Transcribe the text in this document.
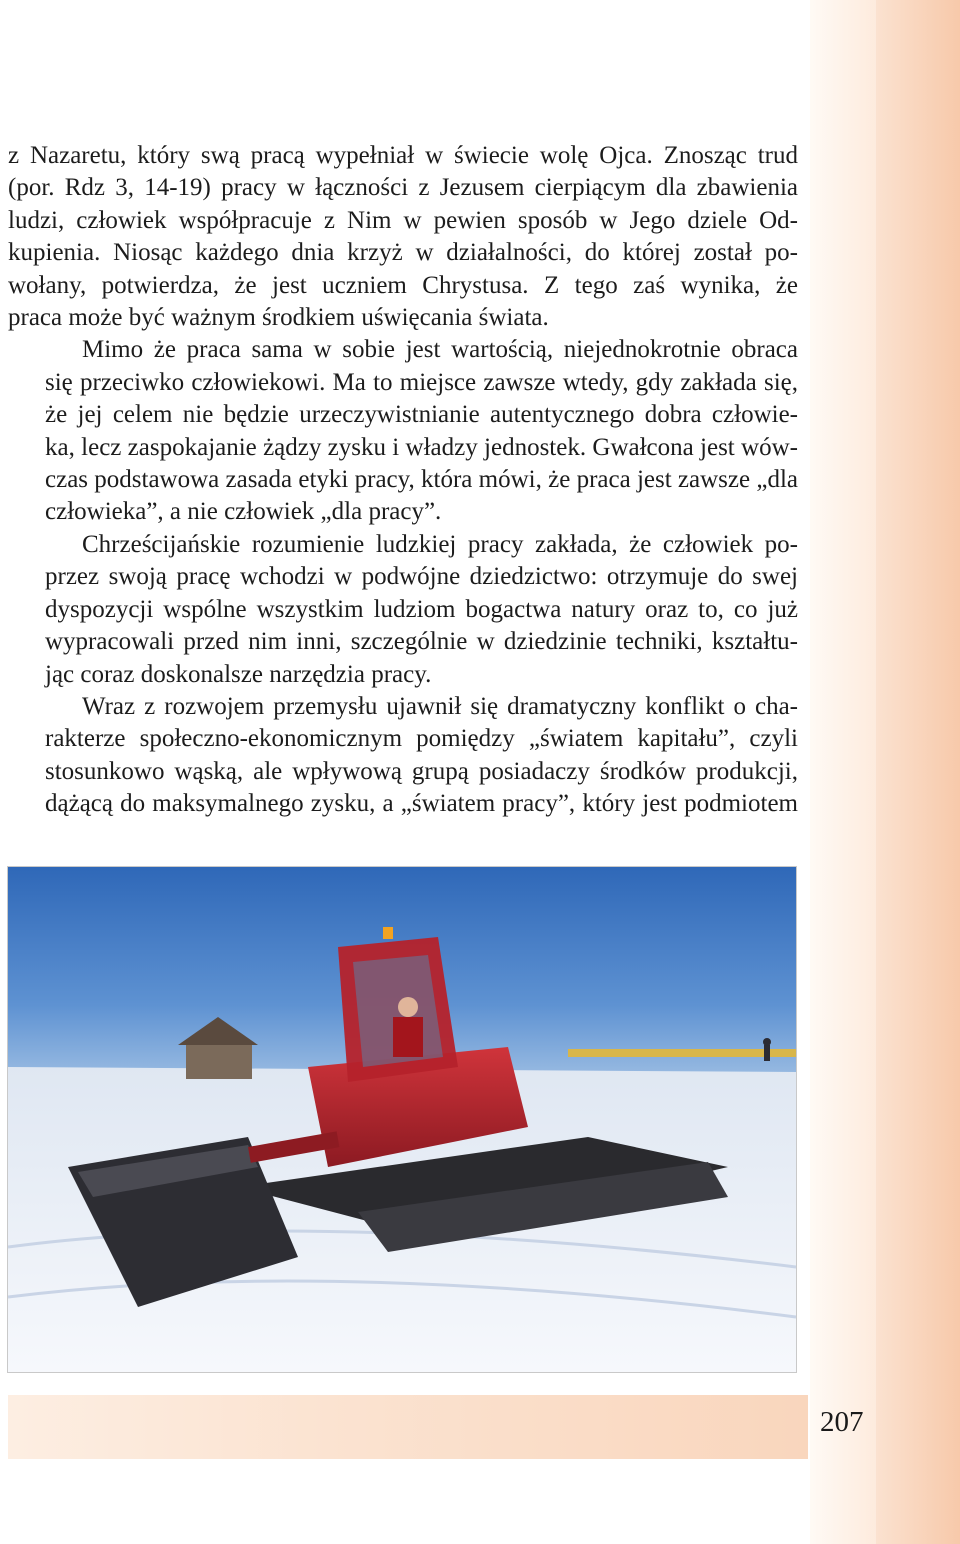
z Nazaretu, który swą pracą wypełniał w świecie wolę Ojca. Znosząc trud
(por. Rdz 3, 14-19) pracy w łączności z Jezusem cierpiącym dla zbawienia
ludzi, człowiek współpracuje z Nim w pewien sposób w Jego dziele Od-
kupienia. Niosąc każdego dnia krzyż w działalności, do której został po-
wołany, potwierdza, że jest uczniem Chrystusa. Z tego zaś wynika, że
praca może być ważnym środkiem uświęcania świata.

Mimo że praca sama w sobie jest wartością, niejednokrotnie obraca
się przeciwko człowiekowi. Ma to miejsce zawsze wtedy, gdy zakłada się,
że jej celem nie będzie urzeczywistnianie autentycznego dobra człowie-
ka, lecz zaspokajanie żądzy zysku i władzy jednostek. Gwałcona jest wów-
czas podstawowa zasada etyki pracy, która mówi, że praca jest zawsze „dla
człowieka”, a nie człowiek „dla pracy”.

Chrześcijańskie rozumienie ludzkiej pracy zakłada, że człowiek po-
przez swoją pracę wchodzi w podwójne dziedzictwo: otrzymuje do swej
dyspozycji wspólne wszystkim ludziom bogactwa natury oraz to, co już
wypracowali przed nim inni, szczególnie w dziedzinie techniki, kształtu-
jąc coraz doskonalsze narzędzia pracy.

Wraz z rozwojem przemysłu ujawnił się dramatyczny konflikt o cha-
rakterze społeczno-ekonomicznym pomiędzy „światem kapitału”, czyli
stosunkowo wąską, ale wpływową grupą posiadaczy środków produkcji,
dążącą do maksymalnego zysku, a „światem pracy”, który jest podmiotem

207
